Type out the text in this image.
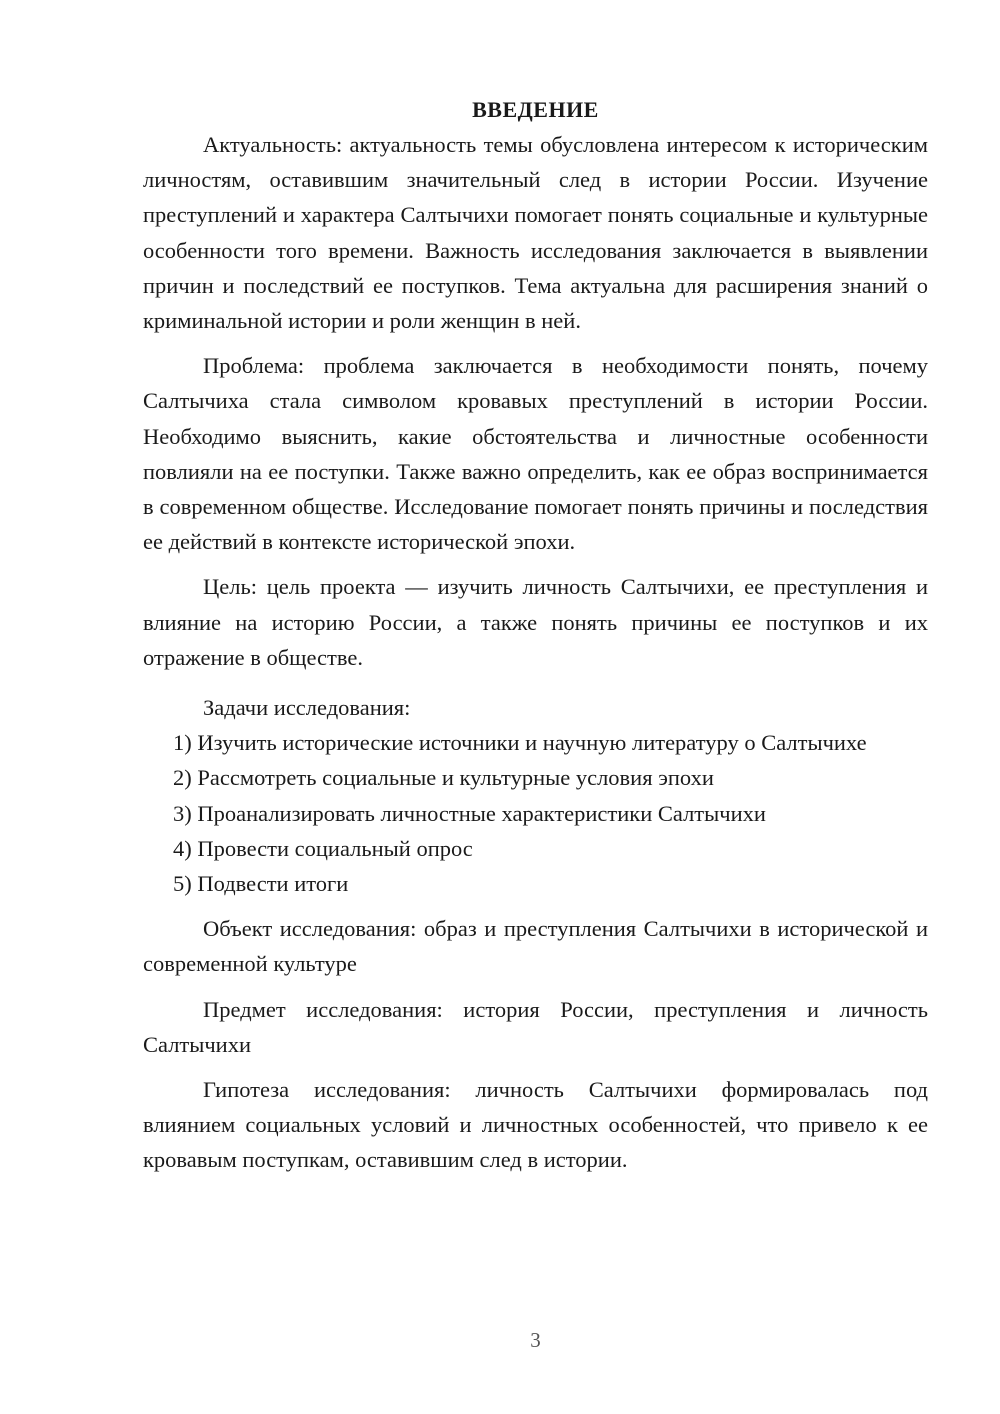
ВВЕДЕНИЕ

Актуальность: актуальность темы обусловлена интересом к историческим личностям, оставившим значительный след в истории России. Изучение преступлений и характера Салтычихи помогает понять социальные и культурные особенности того времени. Важность исследования заключается в выявлении причин и последствий ее поступков. Тема актуальна для расширения знаний о криминальной истории и роли женщин в ней.

Проблема: проблема заключается в необходимости понять, почему Салтычиха стала символом кровавых преступлений в истории России. Необходимо выяснить, какие обстоятельства и личностные особенности повлияли на ее поступки. Также важно определить, как ее образ воспринимается в современном обществе. Исследование помогает понять причины и последствия ее действий в контексте исторической эпохи.

Цель: цель проекта — изучить личность Салтычихи, ее преступления и влияние на историю России, а также понять причины ее поступков и их отражение в обществе.

Задачи исследования:

1) Изучить исторические источники и научную литературу о Салтычихе

2) Рассмотреть социальные и культурные условия эпохи

3) Проанализировать личностные характеристики Салтычихи

4) Провести социальный опрос

5) Подвести итоги

Объект исследования: образ и преступления Салтычихи в исторической и современной культуре

Предмет исследования: история России, преступления и личность Салтычихи

Гипотеза исследования: личность Салтычихи формировалась под влиянием социальных условий и личностных особенностей, что привело к ее кровавым поступкам, оставившим след в истории.

3
